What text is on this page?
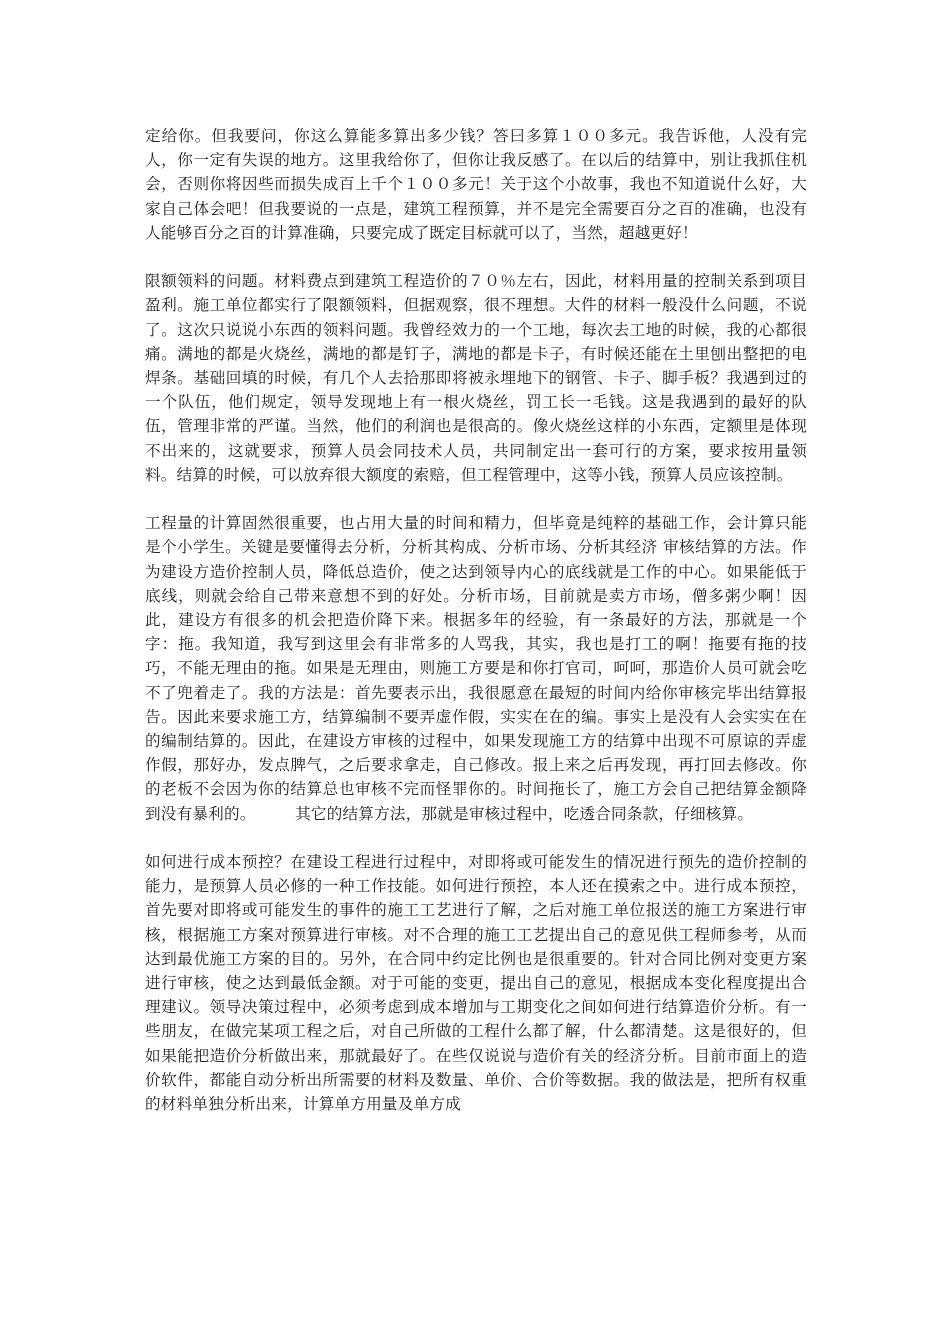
定给你。但我要问，你这么算能多算出多少钱？答曰多算１００多元。我告诉他，人没有完人，你一定有失误的地方。这里我给你了，但你让我反感了。在以后的结算中，别让我抓住机会，否则你将因些而损失成百上千个１００多元！关于这个小故事，我也不知道说什么好，大家自己体会吧！但我要说的一点是，建筑工程预算，并不是完全需要百分之百的准确，也没有人能够百分之百的计算准确，只要完成了既定目标就可以了，当然，超越更好！

限额领料的问题。材料费点到建筑工程造价的７０％左右，因此，材料用量的控制关系到项目盈利。施工单位都实行了限额领料，但据观察，很不理想。大件的材料一般没什么问题，不说了。这次只说说小东西的领料问题。我曾经效力的一个工地，每次去工地的时候，我的心都很痛。满地的都是火烧丝，满地的都是钉子，满地的都是卡子，有时候还能在土里刨出整把的电焊条。基础回填的时候，有几个人去拾那即将被永埋地下的钢管、卡子、脚手板？我遇到过的一个队伍，他们规定，领导发现地上有一根火烧丝，罚工长一毛钱。这是我遇到的最好的队伍，管理非常的严谨。当然，他们的利润也是很高的。像火烧丝这样的小东西，定额里是体现不出来的，这就要求，预算人员会同技术人员，共同制定出一套可行的方案，要求按用量领料。结算的时候，可以放弃很大额度的索赔，但工程管理中，这等小钱，预算人员应该控制。

工程量的计算固然很重要，也占用大量的时间和精力，但毕竟是纯粹的基础工作，会计算只能是个小学生。关键是要懂得去分析，分析其构成、分析市场、分析其经济 审核结算的方法。作为建设方造价控制人员，降低总造价，使之达到领导内心的底线就是工作的中心。如果能低于底线，则就会给自己带来意想不到的好处。分析市场，目前就是卖方市场，僧多粥少啊！因此，建设方有很多的机会把造价降下来。根据多年的经验，有一条最好的方法，那就是一个字：拖。我知道，我写到这里会有非常多的人骂我，其实，我也是打工的啊！拖要有拖的技巧，不能无理由的拖。如果是无理由，则施工方要是和你打官司，呵呵，那造价人员可就会吃不了兜着走了。我的方法是：首先要表示出，我很愿意在最短的时间内给你审核完毕出结算报告。因此来要求施工方，结算编制不要弄虚作假，实实在在的编。事实上是没有人会实实在在的编制结算的。因此，在建设方审核的过程中，如果发现施工方的结算中出现不可原谅的弄虚作假，那好办，发点脾气，之后要求拿走，自己修改。报上来之后再发现，再打回去修改。你的老板不会因为你的结算总也审核不完而怪罪你的。时间拖长了，施工方会自己把结算金额降到没有暴利的。　　　其它的结算方法，那就是审核过程中，吃透合同条款，仔细核算。

如何进行成本预控？在建设工程进行过程中，对即将或可能发生的情况进行预先的造价控制的能力，是预算人员必修的一种工作技能。如何进行预控，本人还在摸索之中。进行成本预控，首先要对即将或可能发生的事件的施工工艺进行了解，之后对施工单位报送的施工方案进行审核，根据施工方案对预算进行审核。对不合理的施工工艺提出自己的意见供工程师参考，从而达到最优施工方案的目的。另外，在合同中约定比例也是很重要的。针对合同比例对变更方案进行审核，使之达到最低金额。对于可能的变更，提出自己的意见，根据成本变化程度提出合理建议。领导决策过程中，必须考虑到成本增加与工期变化之间如何进行结算造价分析。有一些朋友，在做完某项工程之后，对自己所做的工程什么都了解，什么都清楚。这是很好的，但如果能把造价分析做出来，那就最好了。在些仅说说与造价有关的经济分析。目前市面上的造价软件，都能自动分析出所需要的材料及数量、单价、合价等数据。我的做法是，把所有权重的材料单独分析出来，计算单方用量及单方成
